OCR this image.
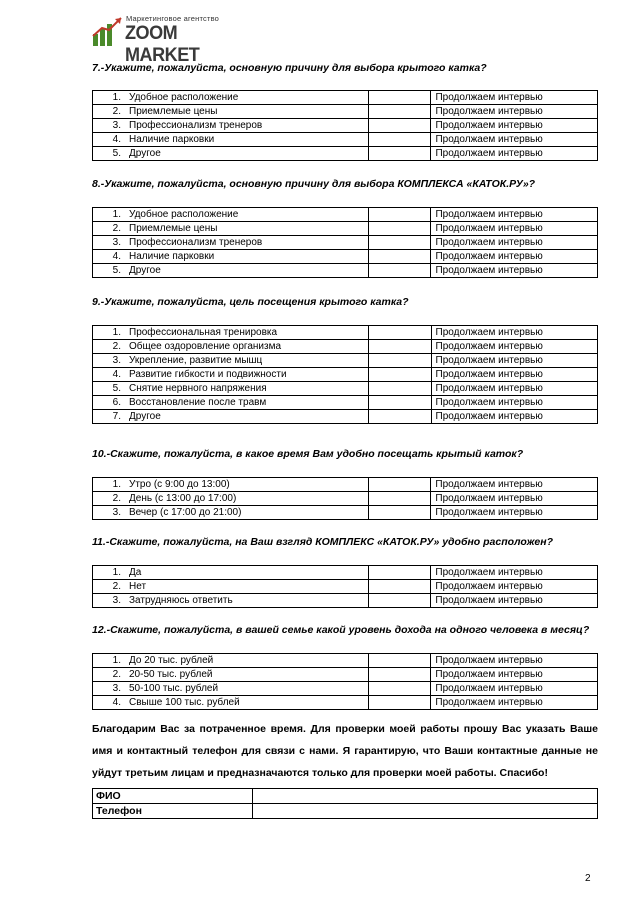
Маркетинговое агентство
ZOOM MARKET
7.-Укажите, пожалуйста, основную причину для выбора крытого катка?
1. Удобное расположение		Продолжаем интервью
2. Приемлемые цены		Продолжаем интервью
3. Профессионализм тренеров		Продолжаем интервью
4. Наличие парковки		Продолжаем интервью
5. Другое		Продолжаем интервью
8.-Укажите, пожалуйста, основную причину для выбора КОМПЛЕКСА «КАТОК.РУ»?
1. Удобное расположение		Продолжаем интервью
2. Приемлемые цены		Продолжаем интервью
3. Профессионализм тренеров		Продолжаем интервью
4. Наличие парковки		Продолжаем интервью
5. Другое		Продолжаем интервью
9.-Укажите, пожалуйста, цель посещения крытого катка?
1. Профессиональная тренировка		Продолжаем интервью
2. Общее оздоровление организма		Продолжаем интервью
3. Укрепление, развитие мышц		Продолжаем интервью
4. Развитие гибкости и подвижности		Продолжаем интервью
5. Снятие нервного напряжения		Продолжаем интервью
6. Восстановление после травм		Продолжаем интервью
7. Другое		Продолжаем интервью
10.-Скажите, пожалуйста, в какое время Вам удобно посещать крытый каток?
1. Утро (с 9:00 до 13:00)		Продолжаем интервью
2. День (с 13:00 до 17:00)		Продолжаем интервью
3. Вечер (с 17:00 до 21:00)		Продолжаем интервью
11.-Скажите, пожалуйста, на Ваш взгляд КОМПЛЕКС «КАТОК.РУ» удобно расположен?
1. Да		Продолжаем интервью
2. Нет		Продолжаем интервью
3. Затрудняюсь ответить		Продолжаем интервью
12.-Скажите, пожалуйста, в вашей семье какой уровень дохода на одного человека в месяц?
1. До 20 тыс. рублей		Продолжаем интервью
2. 20-50 тыс. рублей		Продолжаем интервью
3. 50-100 тыс. рублей		Продолжаем интервью
4. Свыше 100 тыс. рублей		Продолжаем интервью
Благодарим Вас за потраченное время. Для проверки моей работы прошу Вас указать Ваше имя и контактный телефон для связи с нами. Я гарантирую, что Ваши контактные данные не уйдут третьим лицам и предназначаются только для проверки моей работы. Спасибо!
ФИО	
Телефон	
2
